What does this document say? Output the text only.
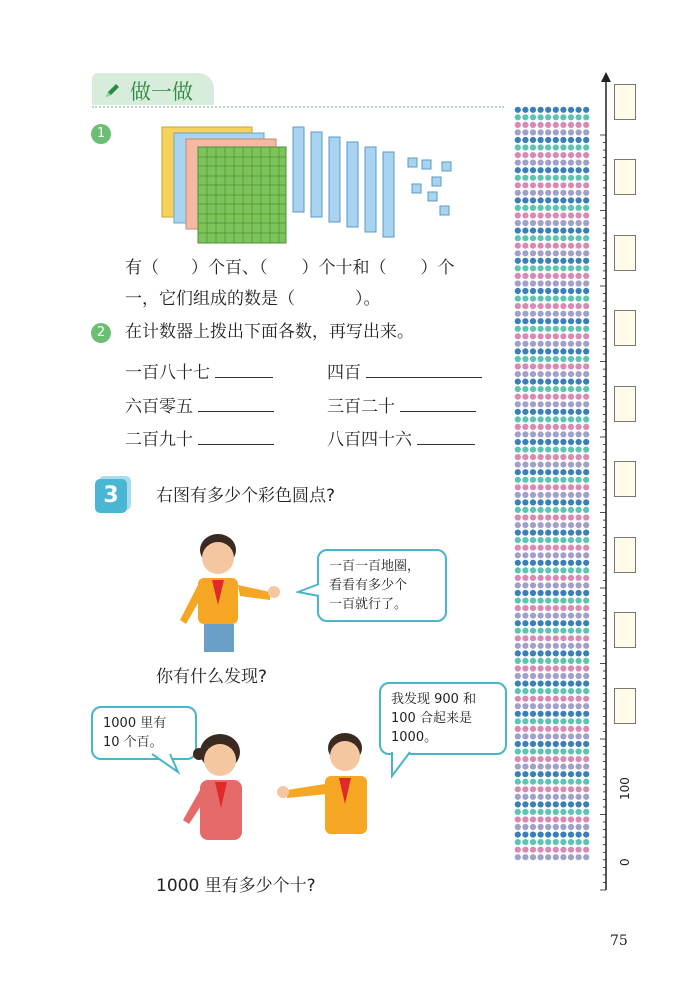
做一做
1
有（ ）个百、（ ）个十和（ ）个
一，它们组成的数是（	）。
2	在计数器上拨出下面各数，再写出来。
一百八十七	四百
六百零五	三百二十
二百九十	八百四十六
3	右图有多少个彩色圆点?
一百一百地圈，
看看有多少个
一百就行了。
你有什么发现?
1000 里有
10 个百。
我发现 900 和
100 合起来是
1000。
1000 里有多少个十?
100
0
75
